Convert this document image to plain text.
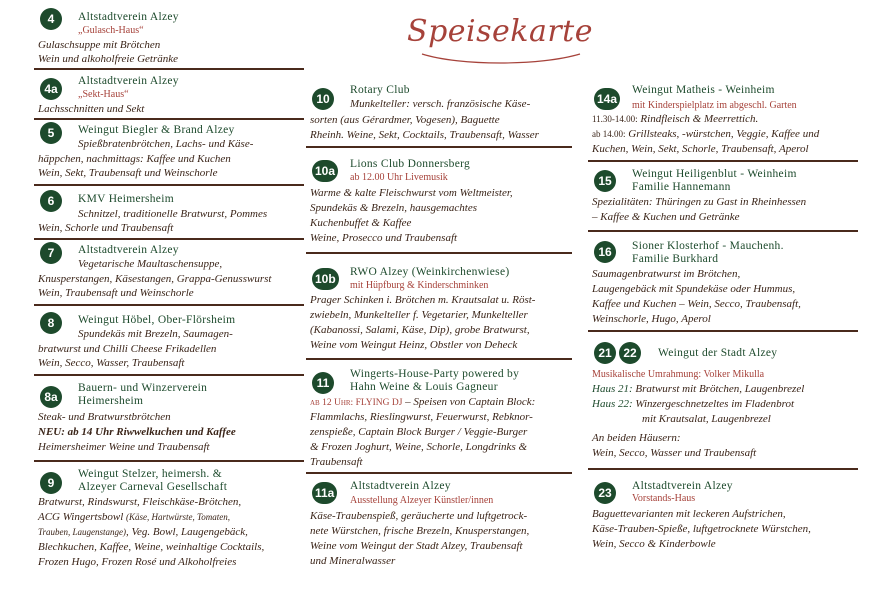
Speisekarte
4	Altstadtverein Alzey
„Gulasch-Haus“
Gulaschsuppe mit Brötchen
Wein und alkoholfreie Getränke
4a
Altstadtverein Alzey
„Sekt-Haus“
Lachsschnitten und Sekt
5	Weingut Biegler & Brand Alzey
Spießbratenbrötchen, Lachs- und Käse-
häppchen, nachmittags: Kaffee und Kuchen
Wein, Sekt, Traubensaft und Weinschorle
6	KMV Heimersheim
Schnitzel, traditionelle Bratwurst, Pommes
Wein, Schorle und Traubensaft
7	Altstadtverein Alzey
Vegetarische Maultaschensuppe,
Knusperstangen, Käsestangen, Grappa-Genusswurst
Wein, Traubensaft und Weinschorle
8	Weingut Höbel, Ober-Flörsheim
Spundekäs mit Brezeln, Saumagen-
bratwurst und Chilli Cheese Frikadellen
Wein, Secco, Wasser, Traubensaft
8a
Bauern- und Winzerverein
Heimersheim
Steak- und Bratwurstbrötchen
NEU: ab 14 Uhr Riwwelkuchen und Kaffee
Heimersheimer Weine und Traubensaft
9
Weingut Stelzer, heimersh. &
Alzeyer Carneval Gesellschaft
Bratwurst, Rindswurst, Fleischkäse-Brötchen,
ACG Wingertsbowl (Käse, Hartwürste, Tomaten,
Trauben, Laugenstange), Veg. Bowl, Laugengebäck,
Blechkuchen, Kaffee, Weine, weinhaltige Cocktails,
Frozen Hugo, Frozen Rosé und Alkoholfreies
10
Rotary Club
Munkelteller: versch. französische Käse-
sorten (aus Gérardmer, Vogesen), Baguette
Rheinh. Weine, Sekt, Cocktails, Traubensaft, Wasser
10a Lions Club Donnersberg
ab 12.00 Uhr Livemusik
Warme & kalte Fleischwurst vom Weltmeister,
Spundekäs & Brezeln, hausgemachtes
Kuchenbuffet & Kaffee
Weine, Prosecco und Traubensaft
10b RWO Alzey (Weinkirchenwiese)
mit Hüpfburg & Kinderschminken
Prager Schinken i. Brötchen m. Krautsalat u. Röst-
zwiebeln, Munkelteller f. Vegetarier, Munkelteller
(Kabanossi, Salami, Käse, Dip), grobe Bratwurst,
Weine vom Weingut Heinz, Obstler von Deheck
11
Wingerts-House-Party powered by
Hahn Weine & Louis Gagneur
ab 12 Uhr: FLYING DJ – Speisen von Captain Block:
Flammlachs, Rieslingwurst, Feuerwurst, Rebknor-
zenspieße, Captain Block Burger / Veggie-Burger
& Frozen Joghurt, Weine, Schorle, Longdrinks &
Traubensaft
11a Altstadtverein Alzey
Ausstellung Alzeyer Künstler/innen
Käse-Traubenspieß, geräucherte und luftgetrock-
nete Würstchen, frische Brezeln, Knusperstangen,
Weine vom Weingut der Stadt Alzey, Traubensaft
und Mineralwasser
14a
Weingut Matheis - Weinheim
mit Kinderspielplatz im abgeschl. Garten
11.30-14.00: Rindfleisch & Meerrettich.
ab 14.00: Grillsteaks, -würstchen, Veggie, Kaffee und
Kuchen, Wein, Sekt, Schorle, Traubensaft, Aperol
15	Weingut Heiligenblut - Weinheim
Familie Hannemann
Spezialitäten: Thüringen zu Gast in Rheinhessen
– Kaffee & Kuchen und Getränke
16	Sioner Klosterhof - Mauchenh.
Familie Burkhard
Saumagenbratwurst im Brötchen,
Laugengebäck mit Spundekäse oder Hummus,
Kaffee und Kuchen – Wein, Secco, Traubensaft,
Weinschorle, Hugo, Aperol
21 22	Weingut der Stadt Alzey
Musikalische Umrahmung: Volker Mikulla
Haus 21: Bratwurst mit Brötchen, Laugenbrezel
Haus 22: Winzergeschnetzeltes im Fladenbrot
mit Krautsalat, Laugenbrezel
An beiden Häusern:
Wein, Secco, Wasser und Traubensaft
23	Altstadtverein Alzey
Vorstands-Haus
Baguettevarianten mit leckeren Aufstrichen,
Käse-Trauben-Spieße, luftgetrocknete Würstchen,
Wein, Secco & Kinderbowle
